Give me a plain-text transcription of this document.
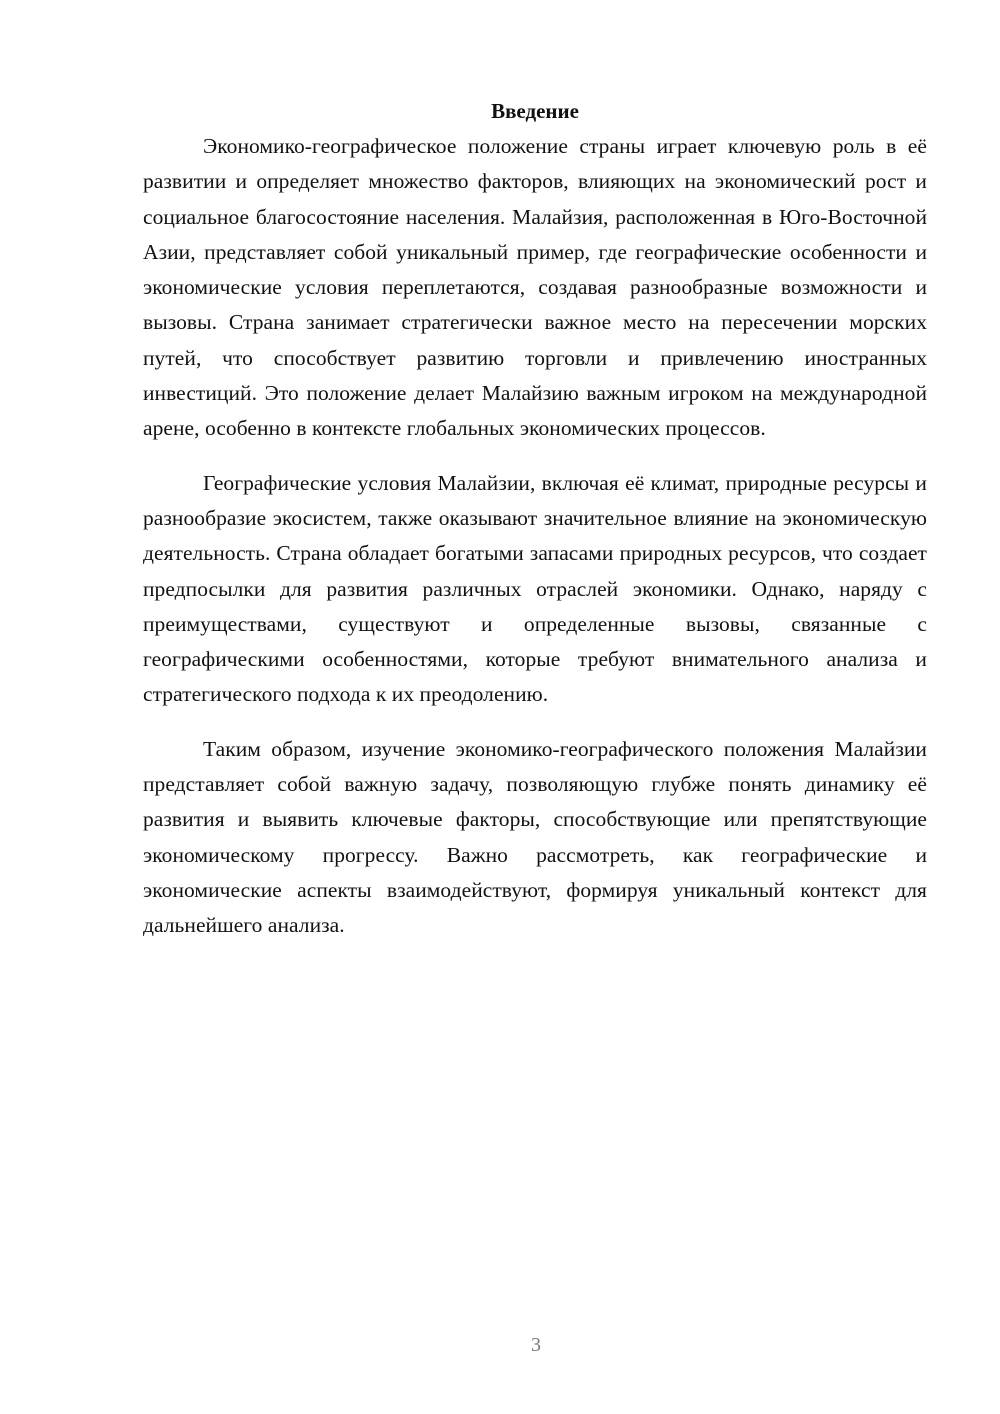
Введение

Экономико-географическое положение страны играет ключевую роль в её развитии и определяет множество факторов, влияющих на экономический рост и социальное благосостояние населения. Малайзия, расположенная в Юго-Восточной Азии, представляет собой уникальный пример, где географические особенности и экономические условия переплетаются, создавая разнообразные возможности и вызовы. Страна занимает стратегически важное место на пересечении морских путей, что способствует развитию торговли и привлечению иностранных инвестиций. Это положение делает Малайзию важным игроком на международной арене, особенно в контексте глобальных экономических процессов.

Географические условия Малайзии, включая её климат, природные ресурсы и разнообразие экосистем, также оказывают значительное влияние на экономическую деятельность. Страна обладает богатыми запасами природных ресурсов, что создает предпосылки для развития различных отраслей экономики. Однако, наряду с преимуществами, существуют и определенные вызовы, связанные с географическими особенностями, которые требуют внимательного анализа и стратегического подхода к их преодолению.

Таким образом, изучение экономико-географического положения Малайзии представляет собой важную задачу, позволяющую глубже понять динамику её развития и выявить ключевые факторы, способствующие или препятствующие экономическому прогрессу. Важно рассмотреть, как географические и экономические аспекты взаимодействуют, формируя уникальный контекст для дальнейшего анализа.

3
